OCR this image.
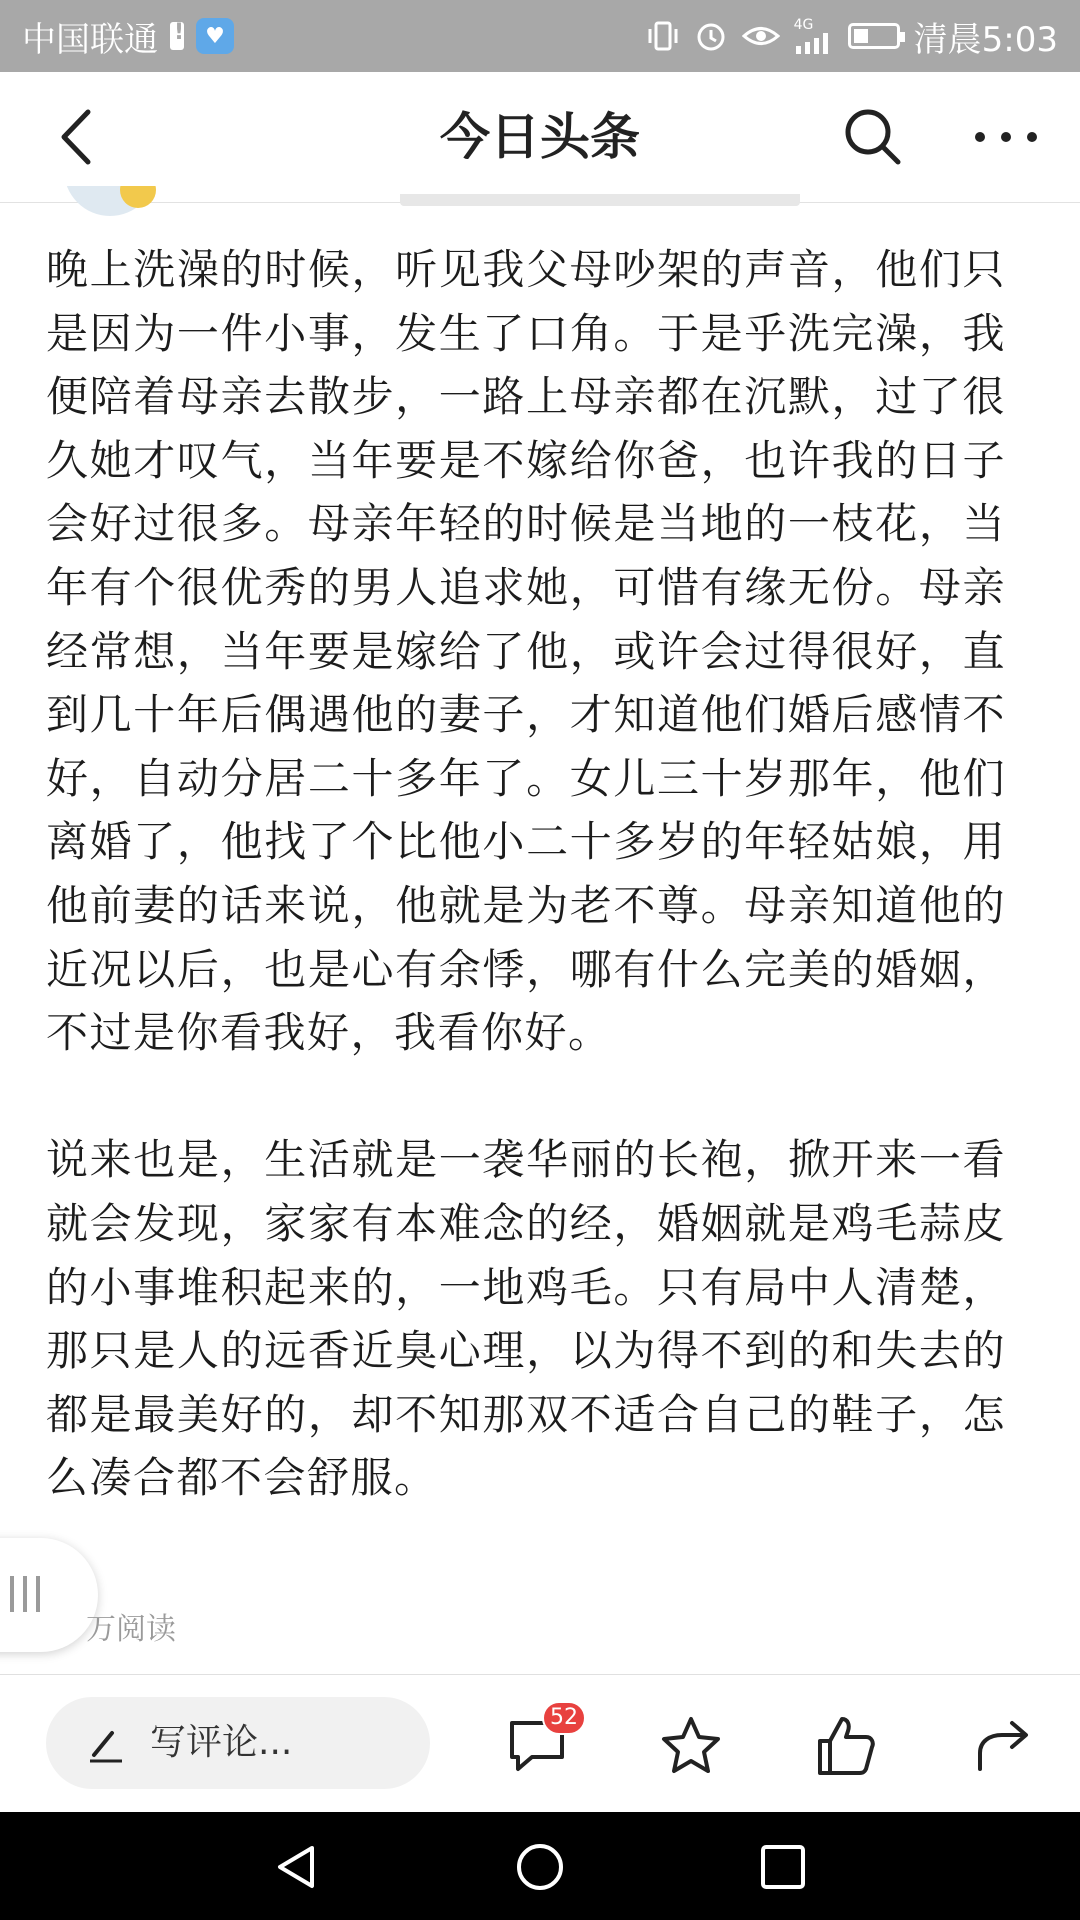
中国联通
!	♥	4G	清晨5:03
今日头条

晚上洗澡的时候，听见我父母吵架的声音，他们只是因为一件小事，发生了口角。于是乎洗完澡，我便陪着母亲去散步，一路上母亲都在沉默，过了很久她才叹气，当年要是不嫁给你爸，也许我的日子会好过很多。母亲年轻的时候是当地的一枝花，当年有个很优秀的男人追求她，可惜有缘无份。母亲经常想，当年要是嫁给了他，或许会过得很好，直到几十年后偶遇他的妻子，才知道他们婚后感情不好，自动分居二十多年了。女儿三十岁那年，他们离婚了，他找了个比他小二十多岁的年轻姑娘，用他前妻的话来说，他就是为老不尊。母亲知道他的近况以后，也是心有余悸，哪有什么完美的婚姻，不过是你看我好，我看你好。

说来也是，生活就是一袭华丽的长袍，掀开来一看就会发现，家家有本难念的经，婚姻就是鸡毛蒜皮的小事堆积起来的，一地鸡毛。只有局中人清楚，那只是人的远香近臭心理，以为得不到的和失去的都是最美好的，却不知那双不适合自己的鞋子，怎么凑合都不会舒服。

万阅读
写评论...
52
